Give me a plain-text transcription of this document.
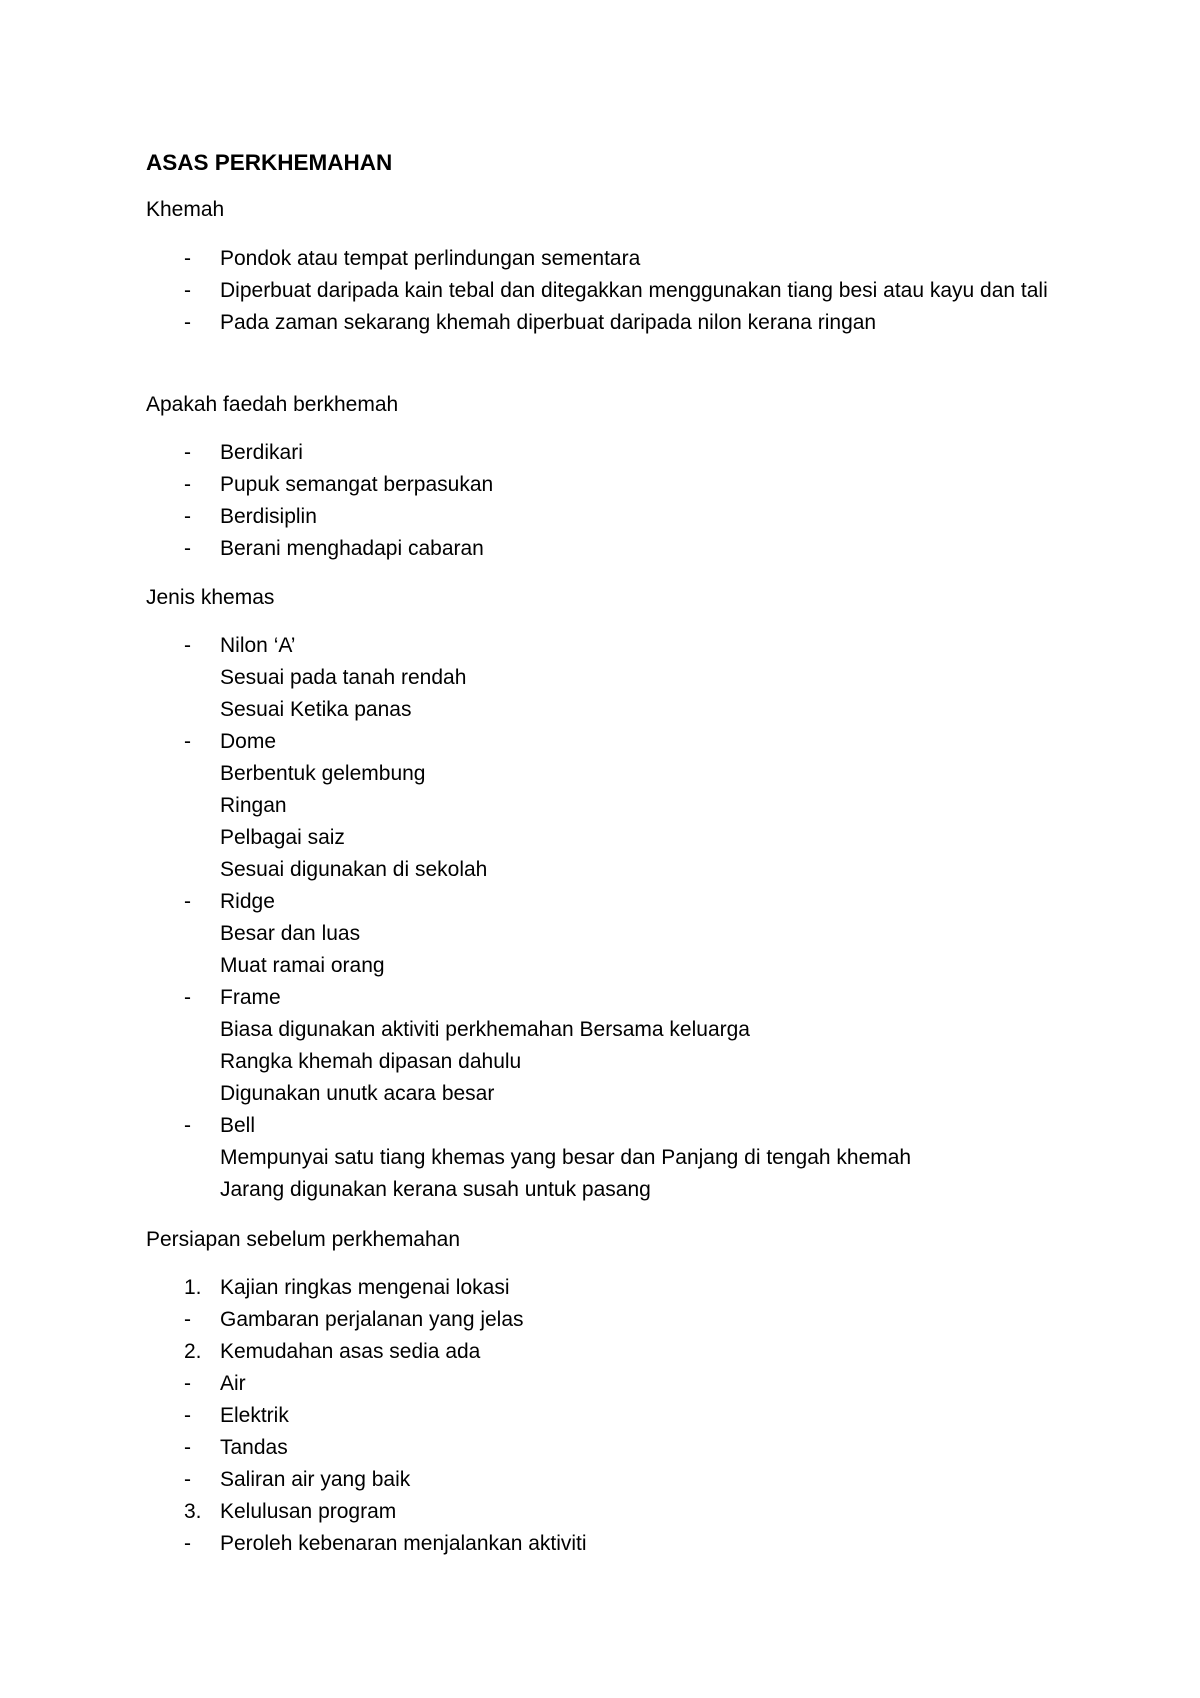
ASAS PERKHEMAHAN
Khemah
-	Pondok atau tempat perlindungan sementara
-	Diperbuat daripada kain tebal dan ditegakkan menggunakan tiang besi atau kayu dan tali
-	Pada zaman sekarang khemah diperbuat daripada nilon kerana ringan
Apakah faedah berkhemah
-	Berdikari
-	Pupuk semangat berpasukan
-	Berdisiplin
-	Berani menghadapi cabaran
Jenis khemas
-	Nilon ‘A’
Sesuai pada tanah rendah
Sesuai Ketika panas
-	Dome
Berbentuk gelembung
Ringan
Pelbagai saiz
Sesuai digunakan di sekolah
-	Ridge
Besar dan luas
Muat ramai orang
-	Frame
Biasa digunakan aktiviti perkhemahan Bersama keluarga
Rangka khemah dipasan dahulu
Digunakan unutk acara besar
-	Bell
Mempunyai satu tiang khemas yang besar dan Panjang di tengah khemah
Jarang digunakan kerana susah untuk pasang
Persiapan sebelum perkhemahan
1. Kajian ringkas mengenai lokasi
-	Gambaran perjalanan yang jelas
2. Kemudahan asas sedia ada
-	Air
-	Elektrik
-	Tandas
-	Saliran air yang baik
3. Kelulusan program
-	Peroleh kebenaran menjalankan aktiviti
